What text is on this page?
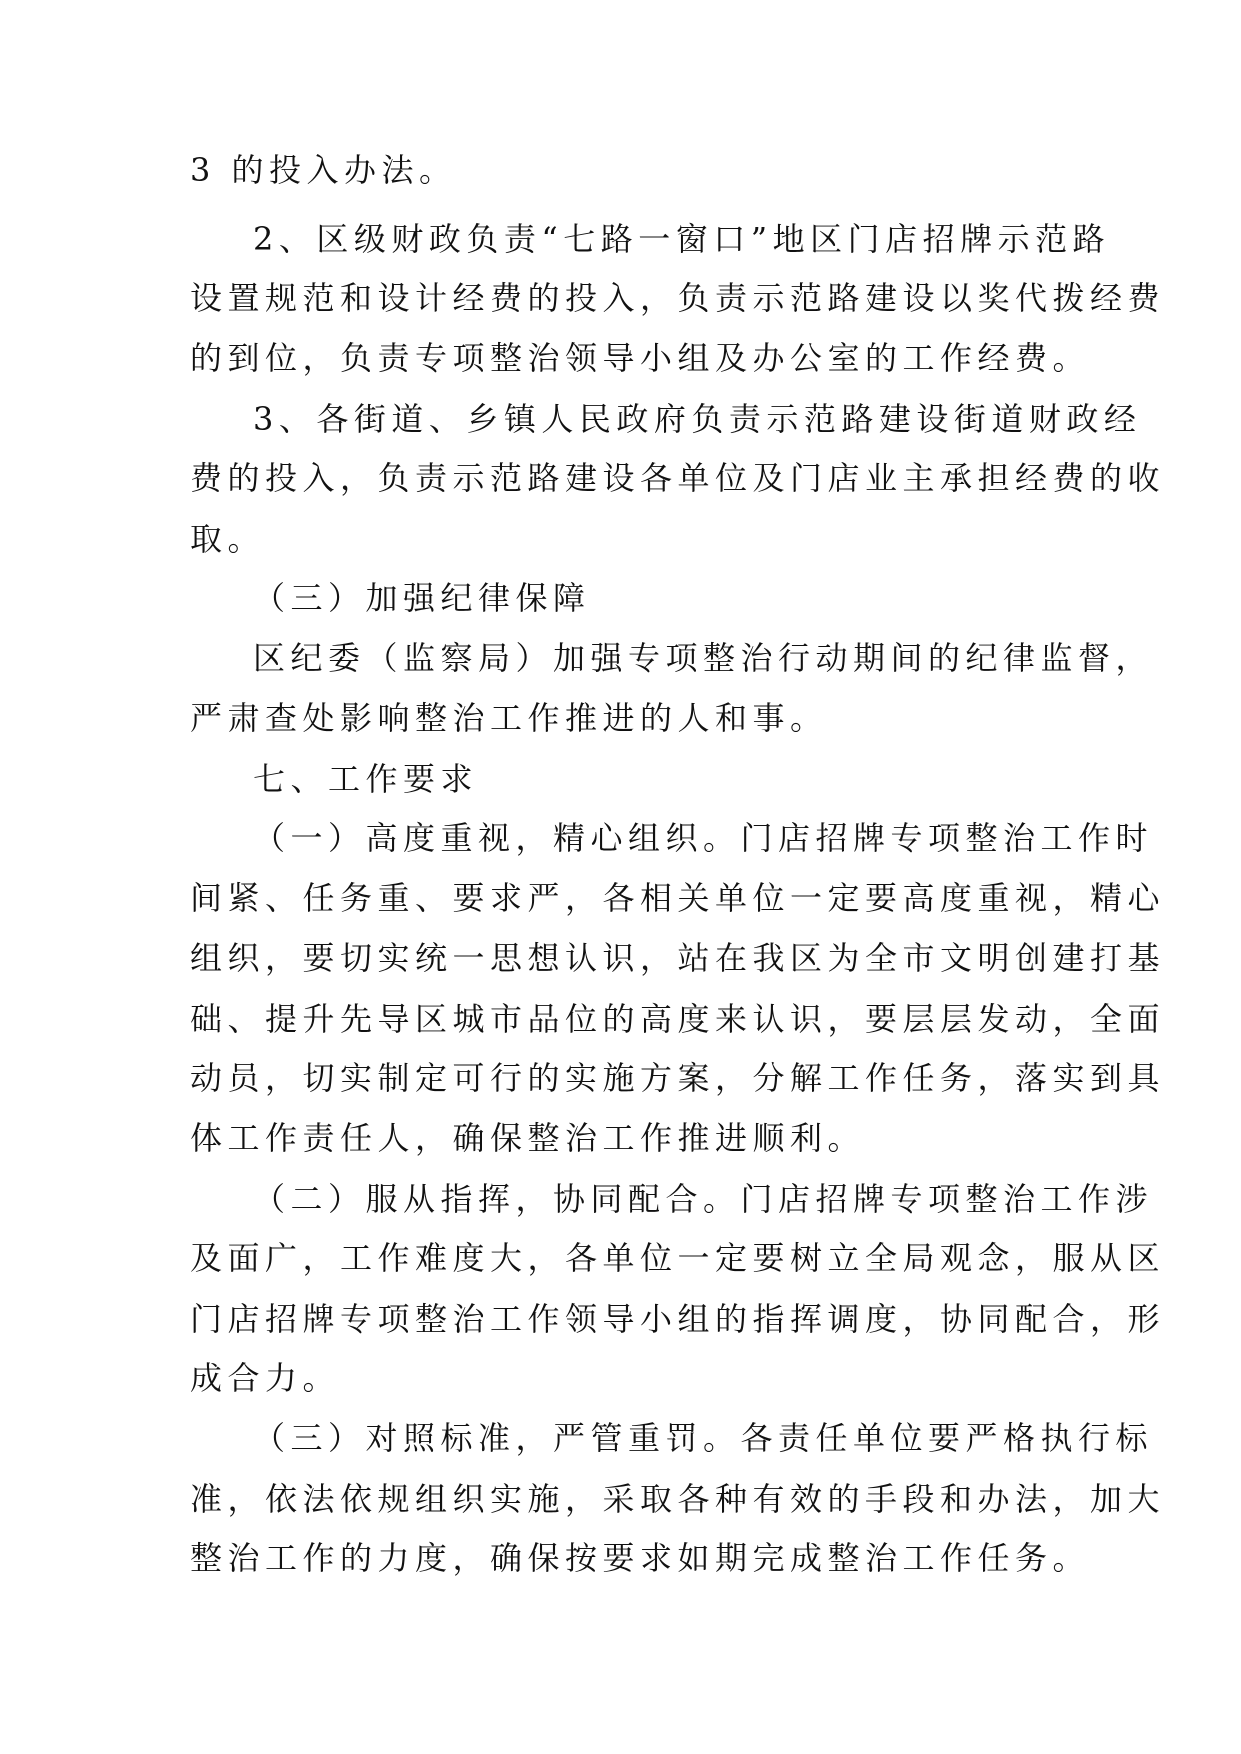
3 的投入办法。
2、区级财政负责“七路一窗口”地区门店招牌示范路
设置规范和设计经费的投入，负责示范路建设以奖代拨经费
的到位，负责专项整治领导小组及办公室的工作经费。
3、各街道、乡镇人民政府负责示范路建设街道财政经
费的投入，负责示范路建设各单位及门店业主承担经费的收
取。
（三）加强纪律保障
区纪委（监察局）加强专项整治行动期间的纪律监督，
严肃查处影响整治工作推进的人和事。
七、工作要求
（一）高度重视，精心组织。门店招牌专项整治工作时
间紧、任务重、要求严，各相关单位一定要高度重视，精心
组织，要切实统一思想认识，站在我区为全市文明创建打基
础、提升先导区城市品位的高度来认识，要层层发动，全面
动员，切实制定可行的实施方案，分解工作任务，落实到具
体工作责任人，确保整治工作推进顺利。
（二）服从指挥，协同配合。门店招牌专项整治工作涉
及面广，工作难度大，各单位一定要树立全局观念，服从区
门店招牌专项整治工作领导小组的指挥调度，协同配合，形
成合力。
（三）对照标准，严管重罚。各责任单位要严格执行标
准，依法依规组织实施，采取各种有效的手段和办法，加大
整治工作的力度，确保按要求如期完成整治工作任务。
